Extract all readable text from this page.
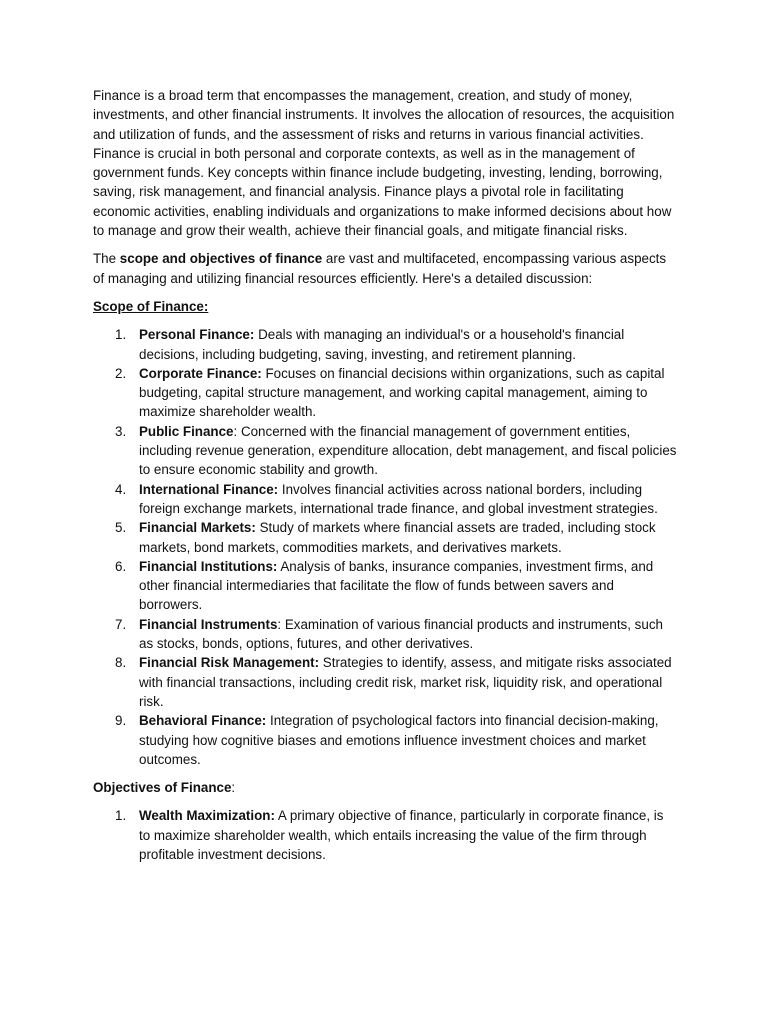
Finance is a broad term that encompasses the management, creation, and study of money, investments, and other financial instruments. It involves the allocation of resources, the acquisition and utilization of funds, and the assessment of risks and returns in various financial activities. Finance is crucial in both personal and corporate contexts, as well as in the management of government funds. Key concepts within finance include budgeting, investing, lending, borrowing, saving, risk management, and financial analysis. Finance plays a pivotal role in facilitating economic activities, enabling individuals and organizations to make informed decisions about how to manage and grow their wealth, achieve their financial goals, and mitigate financial risks.

The scope and objectives of finance are vast and multifaceted, encompassing various aspects of managing and utilizing financial resources efficiently. Here's a detailed discussion:

Scope of Finance:

1. Personal Finance: Deals with managing an individual's or a household's financial decisions, including budgeting, saving, investing, and retirement planning.
2. Corporate Finance: Focuses on financial decisions within organizations, such as capital budgeting, capital structure management, and working capital management, aiming to maximize shareholder wealth.
3. Public Finance: Concerned with the financial management of government entities, including revenue generation, expenditure allocation, debt management, and fiscal policies to ensure economic stability and growth.
4. International Finance: Involves financial activities across national borders, including foreign exchange markets, international trade finance, and global investment strategies.
5. Financial Markets: Study of markets where financial assets are traded, including stock markets, bond markets, commodities markets, and derivatives markets.
6. Financial Institutions: Analysis of banks, insurance companies, investment firms, and other financial intermediaries that facilitate the flow of funds between savers and borrowers.
7. Financial Instruments: Examination of various financial products and instruments, such as stocks, bonds, options, futures, and other derivatives.
8. Financial Risk Management: Strategies to identify, assess, and mitigate risks associated with financial transactions, including credit risk, market risk, liquidity risk, and operational risk.
9. Behavioral Finance: Integration of psychological factors into financial decision-making, studying how cognitive biases and emotions influence investment choices and market outcomes.

Objectives of Finance:

1. Wealth Maximization: A primary objective of finance, particularly in corporate finance, is to maximize shareholder wealth, which entails increasing the value of the firm through profitable investment decisions.
